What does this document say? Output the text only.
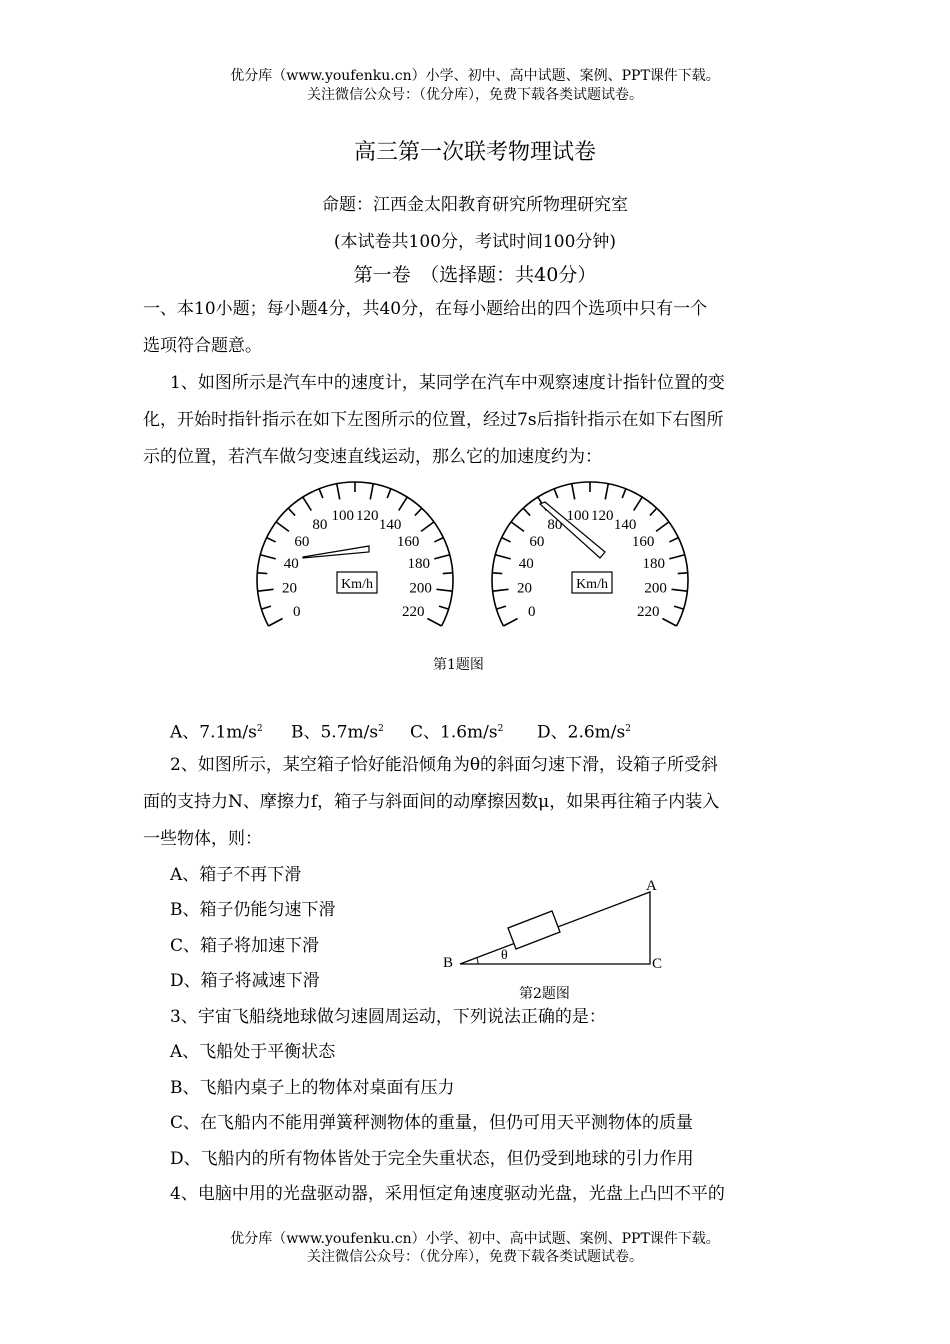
优分库（www.youfenku.cn）小学、初中、高中试题、案例、PPT课件下载。
关注微信公众号：（优分库），免费下载各类试题试卷。
高三第一次联考物理试卷
命题：江西金太阳教育研究所物理研究室
(本试卷共100分，考试时间100分钟)
第一卷　（选择题：共40分）
一、本10小题；每小题4分，共40分，在每小题给出的四个选项中只有一个
选项符合题意。
1、如图所示是汽车中的速度计，某同学在汽车中观察速度计指针位置的变
化，开始时指针指示在如下左图所示的位置，经过7s后指针指示在如下右图所
示的位置，若汽车做匀变速直线运动，那么它的加速度约为：
0
20
40
60
80
100 120
140
160
180
200
220
Km/h
0
20
40
60
80
100 120
140
160
180
200
220
Km/h
第1题图
A、$7.1m/s^2$ B、$5.7m/s^2$ C、$1.6m/s^2$ D、$2.6m/s^2$
2、如图所示，某空箱子恰好能沿倾角为θ的斜面匀速下滑，设箱子所受斜
面的支持力N、摩擦力f，箱子与斜面间的动摩擦因数μ，如果再往箱子内装入
一些物体，则：
A、箱子不再下滑
B、箱子仍能匀速下滑
C、箱子将加速下滑
D、箱子将减速下滑
A
B	C
θ
第2题图
3、宇宙飞船绕地球做匀速圆周运动，下列说法正确的是：
A、飞船处于平衡状态
B、飞船内桌子上的物体对桌面有压力
C、在飞船内不能用弹簧秤测物体的重量，但仍可用天平测物体的质量
D、飞船内的所有物体皆处于完全失重状态，但仍受到地球的引力作用
4、电脑中用的光盘驱动器，采用恒定角速度驱动光盘，光盘上凸凹不平的
优分库（www.youfenku.cn）小学、初中、高中试题、案例、PPT课件下载。
关注微信公众号：（优分库），免费下载各类试题试卷。
